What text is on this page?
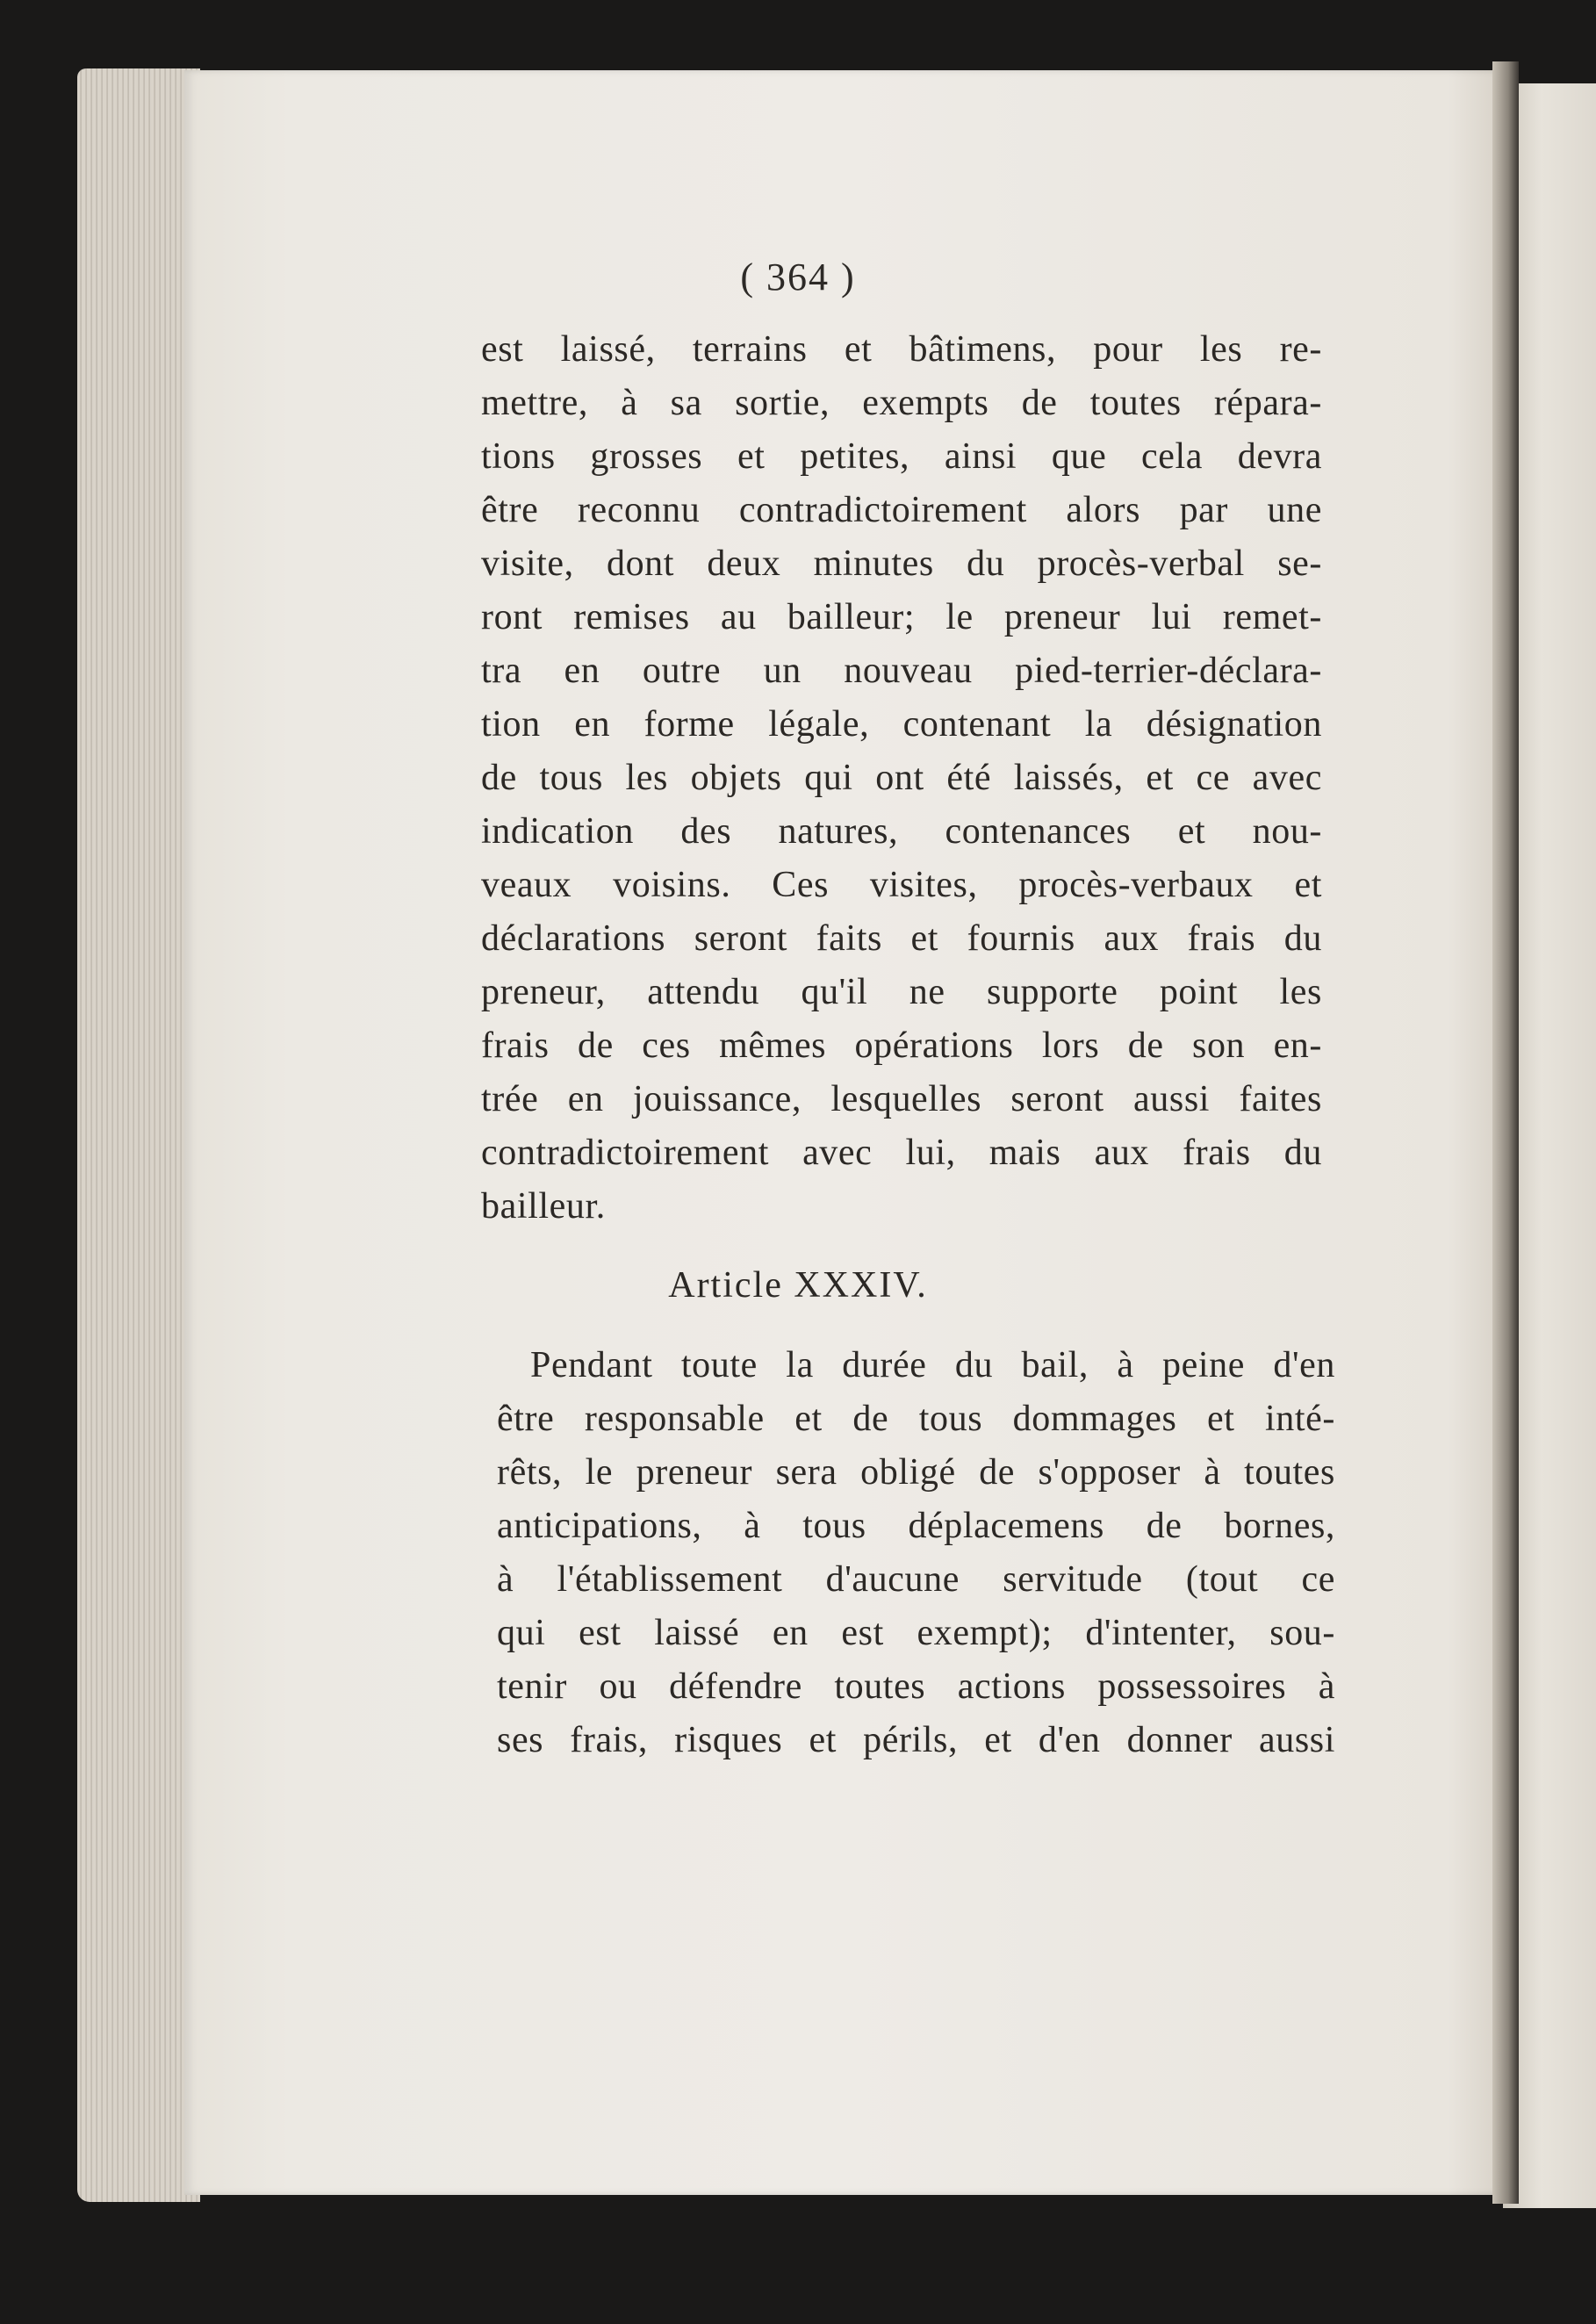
( 364 )
est laissé, terrains et bâtimens, pour les re-
mettre, à sa sortie, exempts de toutes répara-
tions grosses et petites, ainsi que cela devra
être reconnu contradictoirement alors par une
visite, dont deux minutes du procès-verbal se-
ront remises au bailleur; le preneur lui remet-
tra en outre un nouveau pied-terrier-déclara-
tion en forme légale, contenant la désignation
de tous les objets qui ont été laissés, et ce avec
indication des natures, contenances et nou-
veaux voisins. Ces visites, procès-verbaux et
déclarations seront faits et fournis aux frais du
preneur, attendu qu'il ne supporte point les
frais de ces mêmes opérations lors de son en-
trée en jouissance, lesquelles seront aussi faites
contradictoirement avec lui, mais aux frais du
bailleur.
Article XXXIV.
Pendant toute la durée du bail, à peine d'en
être responsable et de tous dommages et inté-
rêts, le preneur sera obligé de s'opposer à toutes
anticipations, à tous déplacemens de bornes,
à l'établissement d'aucune servitude (tout ce
qui est laissé en est exempt); d'intenter, sou-
tenir ou défendre toutes actions possessoires à
ses frais, risques et périls, et d'en donner aussi
